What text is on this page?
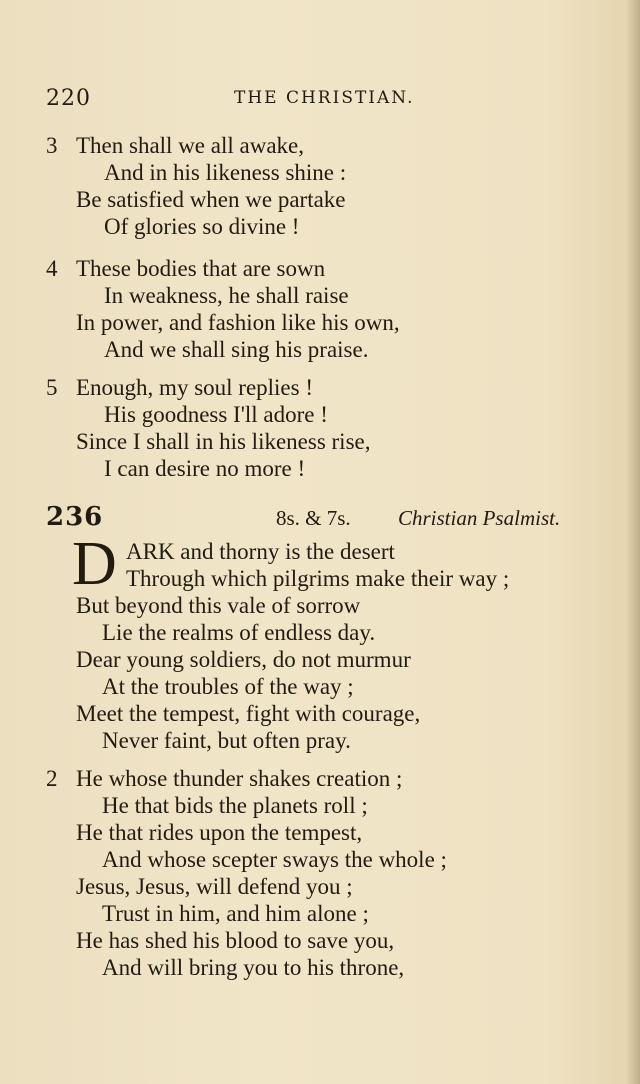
220	THE CHRISTIAN.
3 Then shall we all awake,
And in his likeness shine :
Be satisfied when we partake
Of glories so divine !
4 These bodies that are sown
In weakness, he shall raise
In power, and fashion like his own,
And we shall sing his praise.
5 Enough, my soul replies !
His goodness I'll adore !
Since I shall in his likeness rise,
I can desire no more !
236	8s. & 7s. Christian Psalmist.
D ARK and thorny is the desert
Through which pilgrims make their way ;
But beyond this vale of sorrow
Lie the realms of endless day.
Dear young soldiers, do not murmur
At the troubles of the way ;
Meet the tempest, fight with courage,
Never faint, but often pray.
2 He whose thunder shakes creation ;
He that bids the planets roll ;
He that rides upon the tempest,
And whose scepter sways the whole ;
Jesus, Jesus, will defend you ;
Trust in him, and him alone ;
He has shed his blood to save you,
And will bring you to his throne,
